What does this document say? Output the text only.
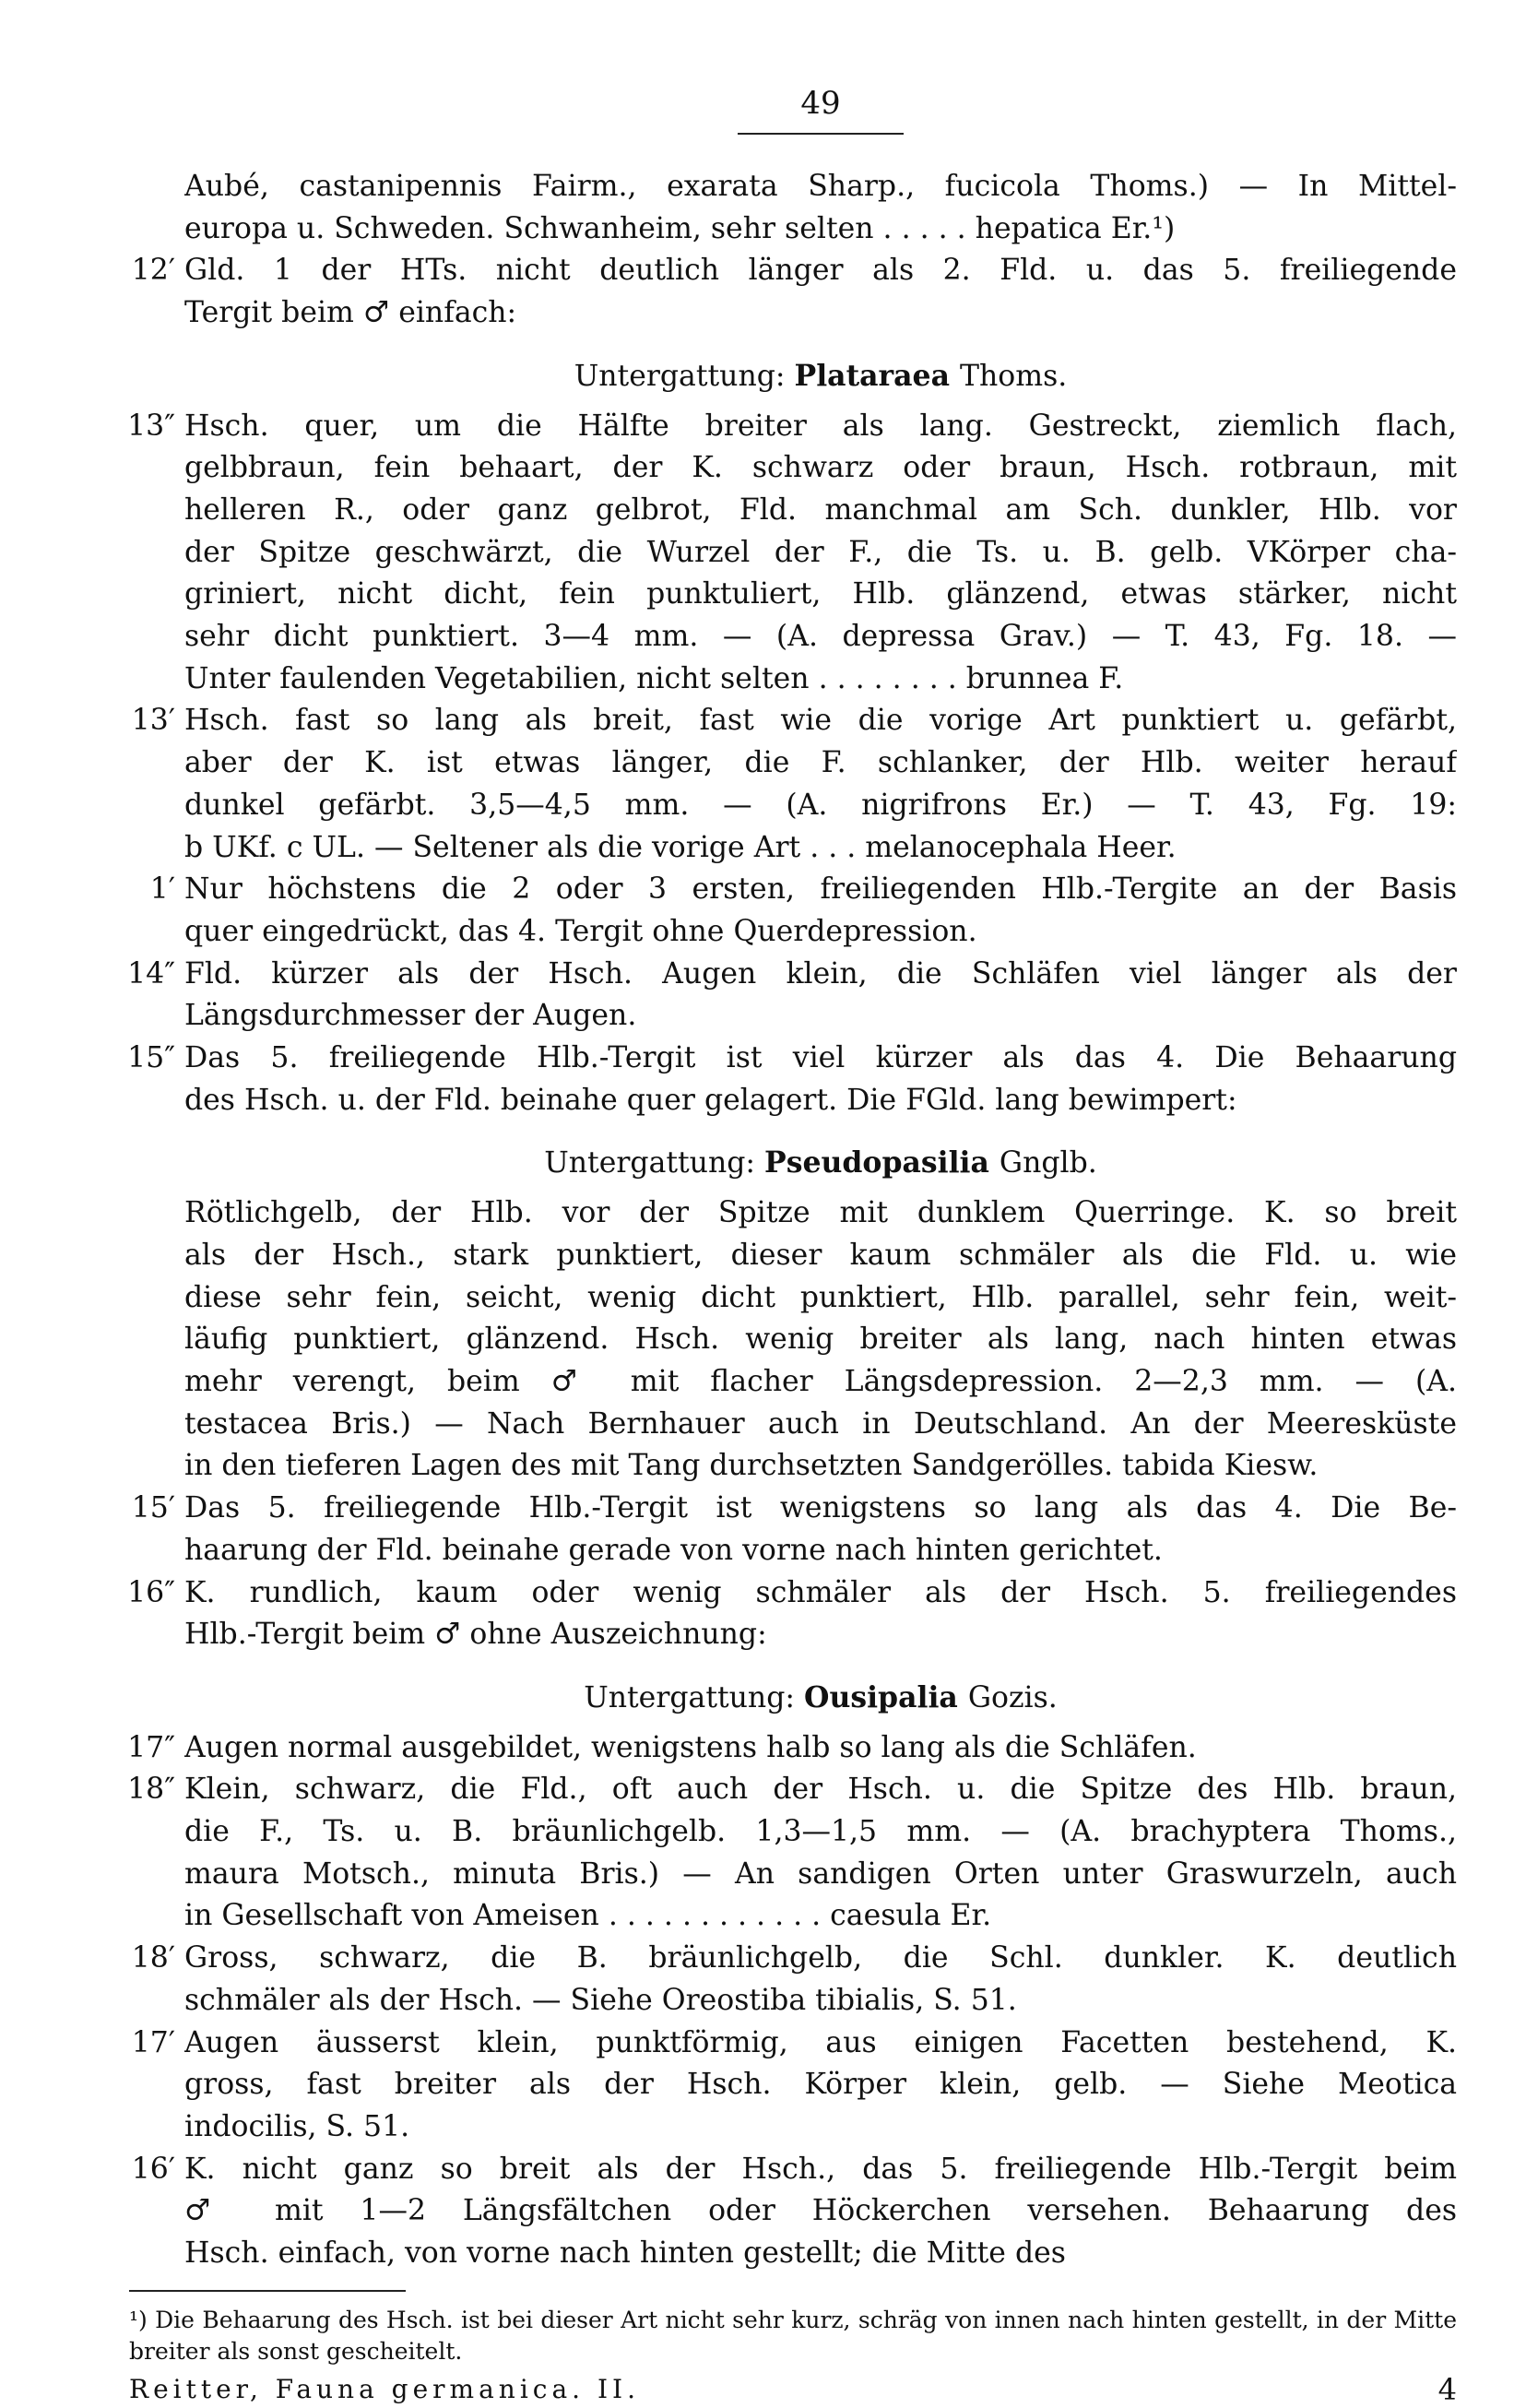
49
Aubé, castanipennis Fairm., exarata Sharp., fucicola Thoms.) — In Mittel-
europa u. Schweden. Schwanheim, sehr selten . . . . . hepatica Er.¹)
12′ Gld. 1 der HTs. nicht deutlich länger als 2. Fld. u. das 5. freiliegende
Tergit beim ♂ einfach:
Untergattung: Plataraea Thoms.
13″ Hsch. quer, um die Hälfte breiter als lang. Gestreckt, ziemlich flach,
gelbbraun, fein behaart, der K. schwarz oder braun, Hsch. rotbraun, mit
helleren R., oder ganz gelbrot, Fld. manchmal am Sch. dunkler, Hlb. vor
der Spitze geschwärzt, die Wurzel der F., die Ts. u. B. gelb. VKörper cha-
griniert, nicht dicht, fein punktuliert, Hlb. glänzend, etwas stärker, nicht
sehr dicht punktiert. 3—4 mm. — (A. depressa Grav.) — T. 43, Fg. 18. —
Unter faulenden Vegetabilien, nicht selten . . . . . . . . brunnea F.
13′ Hsch. fast so lang als breit, fast wie die vorige Art punktiert u. gefärbt,
aber der K. ist etwas länger, die F. schlanker, der Hlb. weiter herauf
dunkel gefärbt. 3,5—4,5 mm. — (A. nigrifrons Er.) — T. 43, Fg. 19:
b UKf. c UL. — Seltener als die vorige Art . . . melanocephala Heer.
1′ Nur höchstens die 2 oder 3 ersten, freiliegenden Hlb.-Tergite an der Basis
quer eingedrückt, das 4. Tergit ohne Querdepression.
14″ Fld. kürzer als der Hsch. Augen klein, die Schläfen viel länger als der
Längsdurchmesser der Augen.
15″ Das 5. freiliegende Hlb.-Tergit ist viel kürzer als das 4. Die Behaarung
des Hsch. u. der Fld. beinahe quer gelagert. Die FGld. lang bewimpert:
Untergattung: Pseudopasilia Gnglb.
Rötlichgelb, der Hlb. vor der Spitze mit dunklem Querringe. K. so breit
als der Hsch., stark punktiert, dieser kaum schmäler als die Fld. u. wie
diese sehr fein, seicht, wenig dicht punktiert, Hlb. parallel, sehr fein, weit-
läufig punktiert, glänzend. Hsch. wenig breiter als lang, nach hinten etwas
mehr verengt, beim ♂ mit flacher Längsdepression. 2—2,3 mm. — (A.
testacea Bris.) — Nach Bernhauer auch in Deutschland. An der Meeresküste
in den tieferen Lagen des mit Tang durchsetzten Sandgerölles. tabida Kiesw.
15′ Das 5. freiliegende Hlb.-Tergit ist wenigstens so lang als das 4. Die Be-
haarung der Fld. beinahe gerade von vorne nach hinten gerichtet.
16″ K. rundlich, kaum oder wenig schmäler als der Hsch. 5. freiliegendes
Hlb.-Tergit beim ♂ ohne Auszeichnung:
Untergattung: Ousipalia Gozis.
17″ Augen normal ausgebildet, wenigstens halb so lang als die Schläfen.
18″ Klein, schwarz, die Fld., oft auch der Hsch. u. die Spitze des Hlb. braun,
die F., Ts. u. B. bräunlichgelb. 1,3—1,5 mm. — (A. brachyptera Thoms.,
maura Motsch., minuta Bris.) — An sandigen Orten unter Graswurzeln, auch
in Gesellschaft von Ameisen . . . . . . . . . . . . caesula Er.
18′ Gross, schwarz, die B. bräunlichgelb, die Schl. dunkler. K. deutlich
schmäler als der Hsch. — Siehe Oreostiba tibialis, S. 51.
17′ Augen äusserst klein, punktförmig, aus einigen Facetten bestehend, K.
gross, fast breiter als der Hsch. Körper klein, gelb. — Siehe Meotica
indocilis, S. 51.
16′ K. nicht ganz so breit als der Hsch., das 5. freiliegende Hlb.-Tergit beim
♂ mit 1—2 Längsfältchen oder Höckerchen versehen. Behaarung des
Hsch. einfach, von vorne nach hinten gestellt; die Mitte des
¹) Die Behaarung des Hsch. ist bei dieser Art nicht sehr kurz, schräg von innen nach hinten gestellt, in der Mitte breiter als sonst gescheitelt.
Reitter, Fauna germanica. II.	4
